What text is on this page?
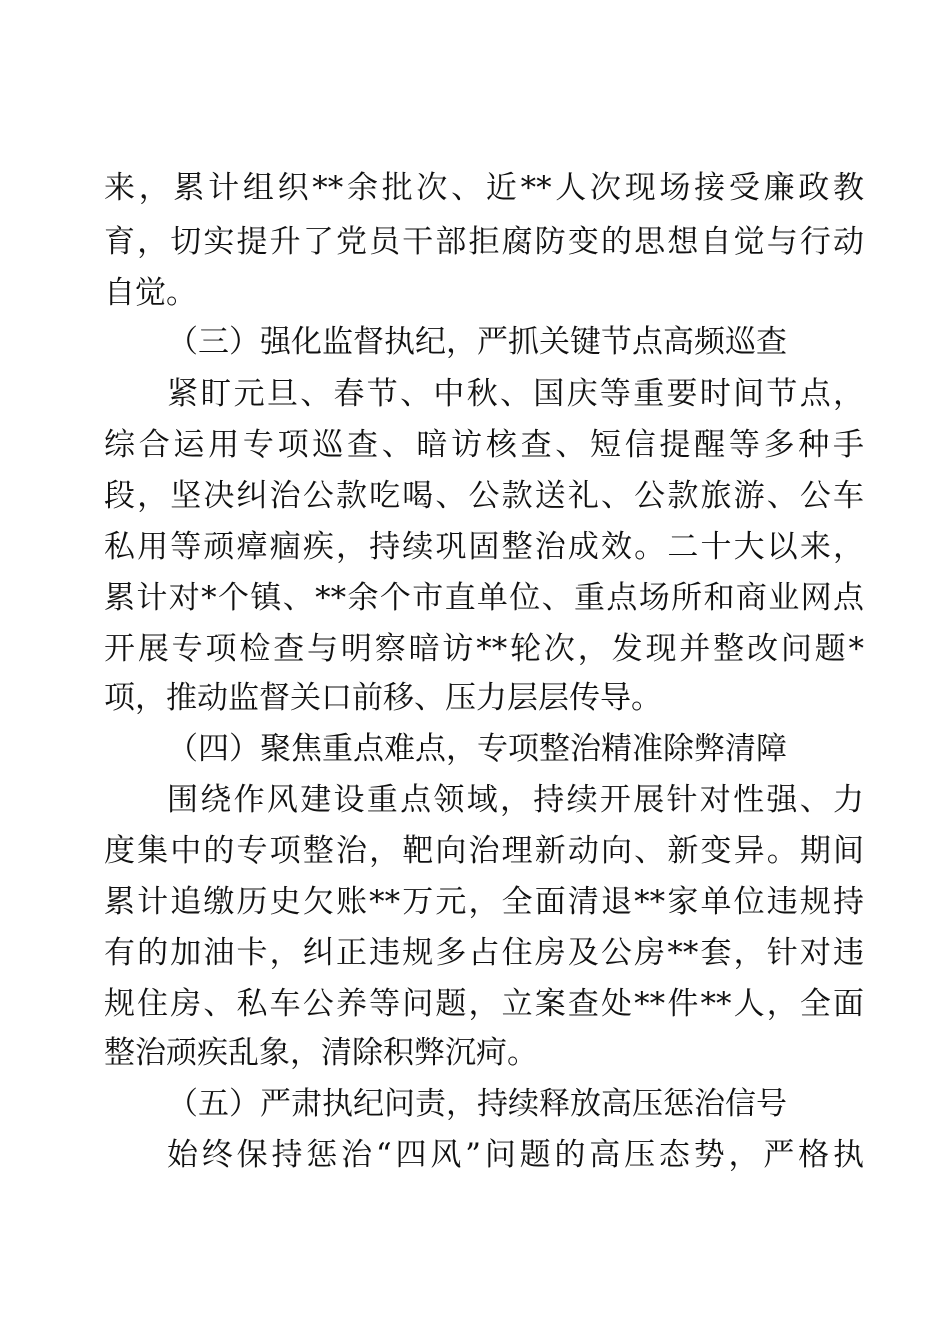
来，累计组织**余批次、近**人次现场接受廉政教
育，切实提升了党员干部拒腐防变的思想自觉与行动
自觉。
（三）强化监督执纪，严抓关键节点高频巡查
紧盯元旦、春节、中秋、国庆等重要时间节点，
综合运用专项巡查、暗访核查、短信提醒等多种手
段，坚决纠治公款吃喝、公款送礼、公款旅游、公车
私用等顽瘴痼疾，持续巩固整治成效。二十大以来，
累计对*个镇、**余个市直单位、重点场所和商业网点
开展专项检查与明察暗访**轮次，发现并整改问题*
项，推动监督关口前移、压力层层传导。
（四）聚焦重点难点，专项整治精准除弊清障
围绕作风建设重点领域，持续开展针对性强、力
度集中的专项整治，靶向治理新动向、新变异。期间
累计追缴历史欠账**万元，全面清退**家单位违规持
有的加油卡，纠正违规多占住房及公房**套，针对违
规住房、私车公养等问题，立案查处**件**人，全面
整治顽疾乱象，清除积弊沉疴。
（五）严肃执纪问责，持续释放高压惩治信号
始终保持惩治“四风”问题的高压态势，严格执
